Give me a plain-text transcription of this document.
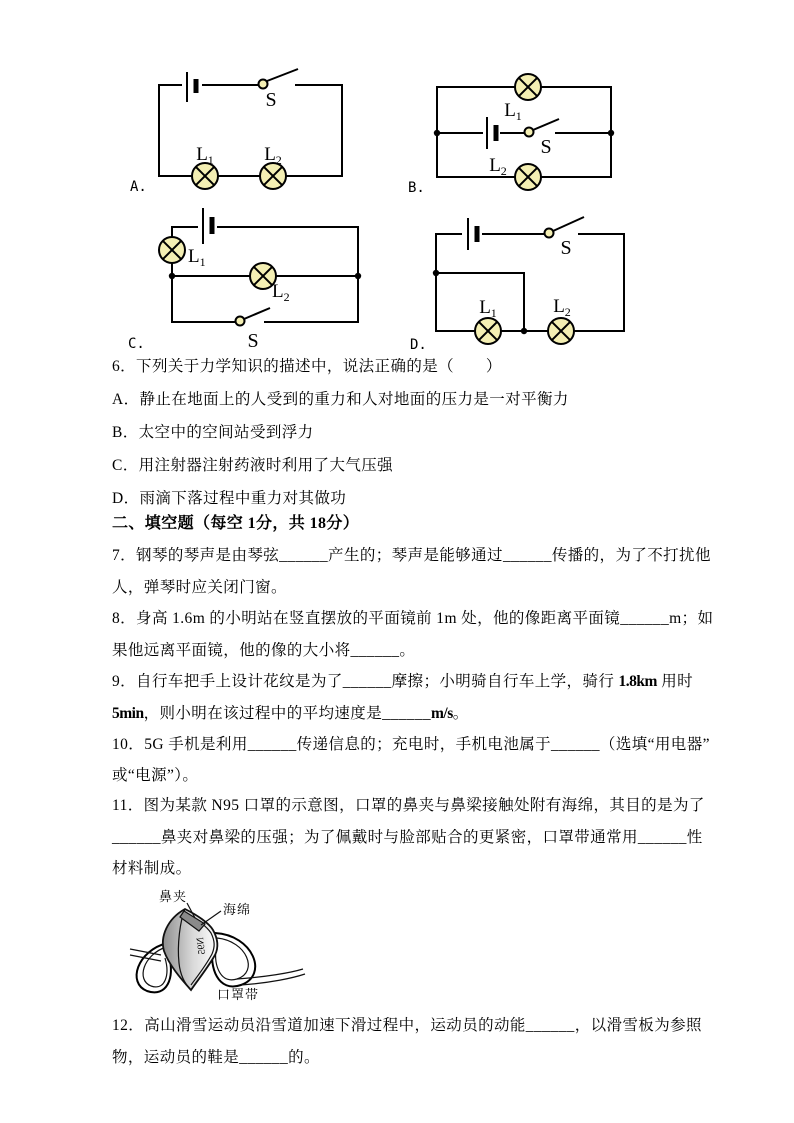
S
$L_1$	$L_2$
A.
S
$L_1$
$L_2$
B.
$L_1$
$L_2$
S
C.
S
$L_1$	$L_2$
D.
6．下列关于力学知识的描述中，说法正确的是（　　）
A．静止在地面上的人受到的重力和人对地面的压力是一对平衡力
B．太空中的空间站受到浮力
C．用注射器注射药液时利用了大气压强
D．雨滴下落过程中重力对其做功
二、填空题（每空 1分，共 18分）
7．钢琴的琴声是由琴弦______产生的；琴声是能够通过______传播的，为了不打扰他
人，弹琴时应关闭门窗。
8．身高 1.6m 的小明站在竖直摆放的平面镜前 1m 处，他的像距离平面镜______m；如
果他远离平面镜，他的像的大小将______。
9．自行车把手上设计花纹是为了______摩擦；小明骑自行车上学，骑行 1.8km 用时
5min，则小明在该过程中的平均速度是______m/s。
10．5G 手机是利用______传递信息的；充电时，手机电池属于______（选填“用电器”
或“电源”）。
11．图为某款 N95 口罩的示意图，口罩的鼻夹与鼻梁接触处附有海绵，其目的是为了
______鼻夹对鼻梁的压强；为了佩戴时与脸部贴合的更紧密，口罩带通常用______性
材料制成。
N95
鼻夹
海绵
口罩带
12．高山滑雪运动员沿雪道加速下滑过程中，运动员的动能______，以滑雪板为参照
物，运动员的鞋是______的。
